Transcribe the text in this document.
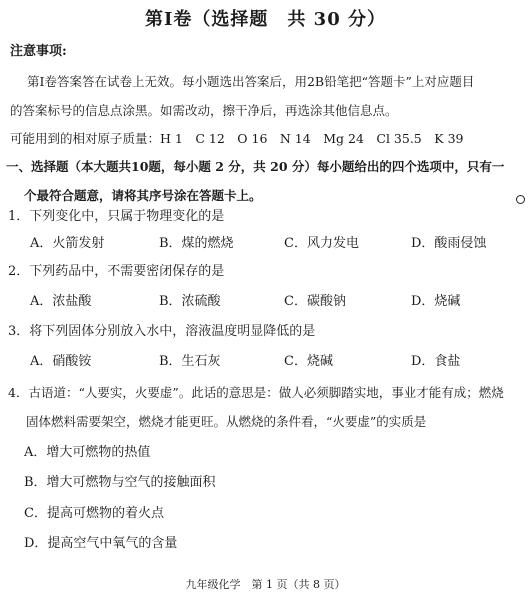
第Ⅰ卷（选择题　共 30 分）
注意事项:
第Ⅰ卷答案答在试卷上无效。每小题选出答案后，用2B铅笔把“答题卡”上对应题目
的答案标号的信息点涂黑。如需改动，擦干净后，再选涂其他信息点。
可能用到的相对原子质量：H 1　C 12　O 16　N 14　Mg 24　Cl 35.5　K 39
一、选择题（本大题共10题，每小题 2 分，共 20 分）每小题给出的四个选项中，只有一
个最符合题意，请将其序号涂在答题卡上。
1．下列变化中，只属于物理变化的是
A．火箭发射	B．煤的燃烧	C．风力发电	D．酸雨侵蚀
2．下列药品中，不需要密闭保存的是
A．浓盐酸	B．浓硫酸	C．碳酸钠	D．烧碱
3．将下列固体分别放入水中，溶液温度明显降低的是
A．硝酸铵	B．生石灰	C．烧碱	D．食盐
4．古语道：“人要实，火要虚”。此话的意思是：做人必须脚踏实地，事业才能有成；燃烧
固体燃料需要架空，燃烧才能更旺。从燃烧的条件看，“火要虚”的实质是
A．增大可燃物的热值
B．增大可燃物与空气的接触面积
C．提高可燃物的着火点
D．提高空气中氧气的含量
九年级化学　第 1 页（共 8 页）
